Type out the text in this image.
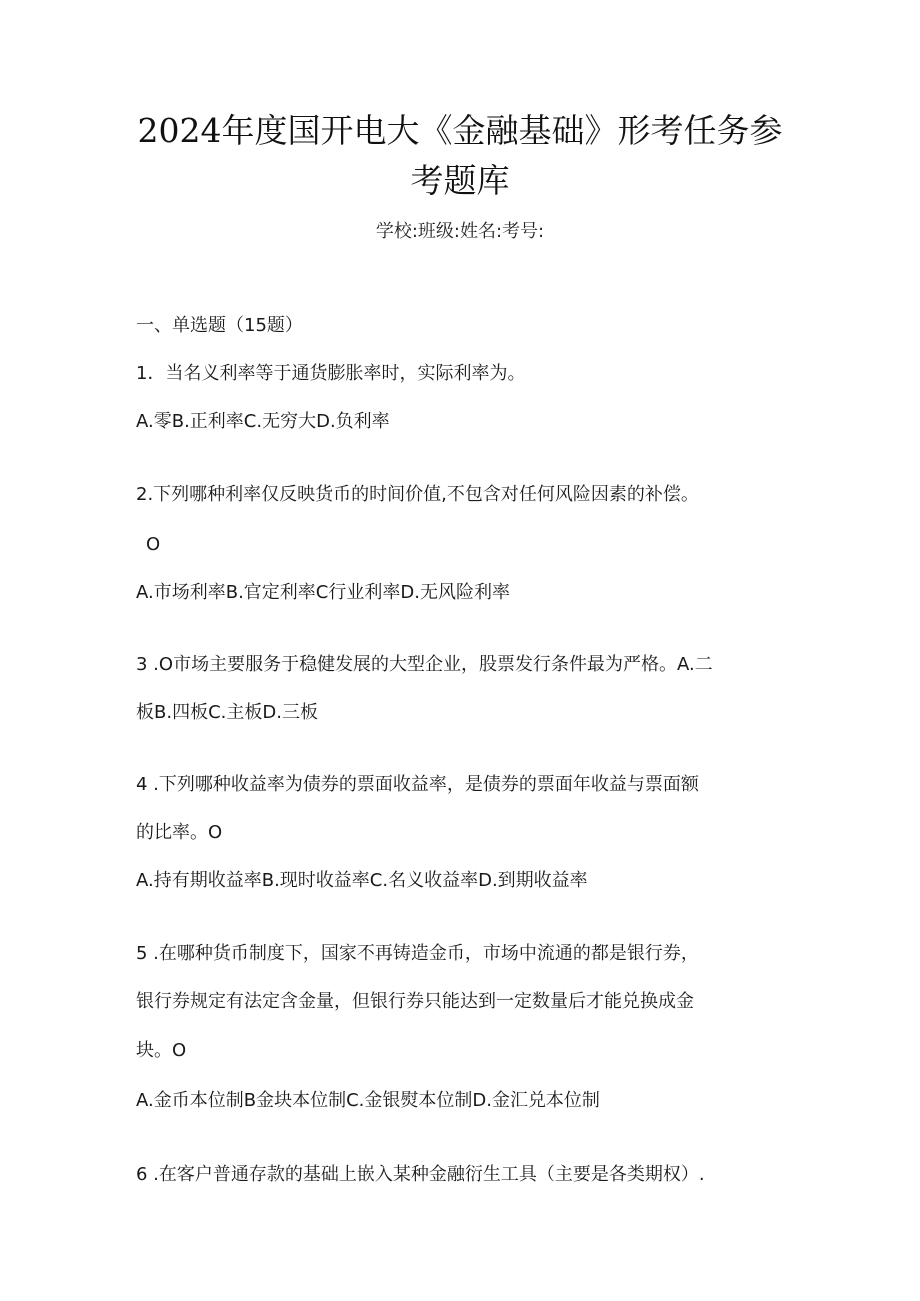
2024年度国开电大《金融基础》形考任务参
考题库
学校:班级:姓名:考号:
一、单选题（15题）
1．当名义利率等于通货膨胀率时，实际利率为。
A.零B.正利率C.无穷大D.负利率
2.下列哪种利率仅反映货币的时间价值,不包含对任何风险因素的补偿。
O
A.市场利率B.官定利率C行业利率D.无风险利率
3 .O市场主要服务于稳健发展的大型企业，股票发行条件最为严格。A.二
板B.四板C.主板D.三板
4 .下列哪种收益率为债券的票面收益率，是债券的票面年收益与票面额
的比率。O
A.持有期收益率B.现时收益率C.名义收益率D.到期收益率
5 .在哪种货币制度下，国家不再铸造金币，市场中流通的都是银行券，
银行券规定有法定含金量，但银行券只能达到一定数量后才能兑换成金
块。O
A.金币本位制B金块本位制C.金银熨本位制D.金汇兑本位制
6 .在客户普通存款的基础上嵌入某种金融衍生工具（主要是各类期权）.
